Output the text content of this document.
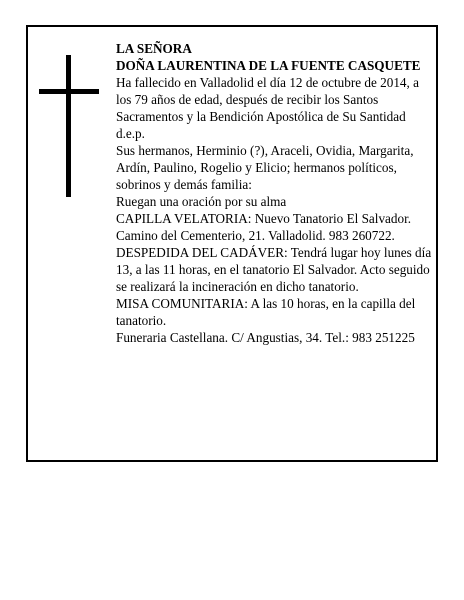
LA SEÑORA

DOÑA LAURENTINA DE LA FUENTE CASQUETE

Ha fallecido en Valladolid el día 12 de octubre de 2014, a los 79 años de edad, después de recibir los Santos Sacramentos y la Bendición Apostólica de Su Santidad

d.e.p.

Sus hermanos, Herminio (?), Araceli, Ovidia, Margarita, Ardín, Paulino, Rogelio y Elicio; hermanos políticos, sobrinos y demás familia:

Ruegan una oración por su alma

CAPILLA VELATORIA: Nuevo Tanatorio El Salvador. Camino del Cementerio, 21. Valladolid. 983 260722.

DESPEDIDA DEL CADÁVER: Tendrá lugar hoy lunes día 13, a las 11 horas, en el tanatorio El Salvador. Acto seguido se realizará la incineración en dicho tanatorio.

MISA COMUNITARIA: A las 10 horas, en la capilla del tanatorio.

Funeraria Castellana. C/ Angustias, 34. Tel.: 983 251225
